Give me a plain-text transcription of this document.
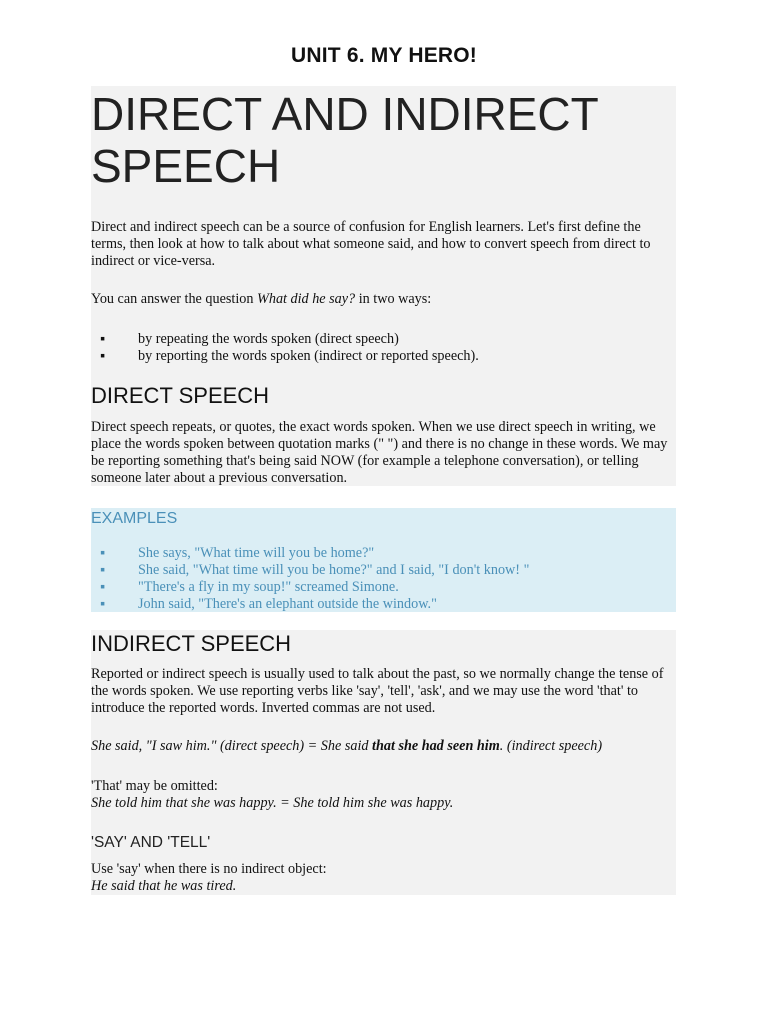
UNIT 6. MY HERO!
DIRECT AND INDIRECT
SPEECH

Direct and indirect speech can be a source of confusion for English learners. Let's first define the terms, then look at how to talk about what someone said, and how to convert speech from direct to indirect or vice-versa.

You can answer the question What did he say? in two ways:

▪ by repeating the words spoken (direct speech)
▪ by reporting the words spoken (indirect or reported speech).
DIRECT SPEECH

Direct speech repeats, or quotes, the exact words spoken. When we use direct speech in writing, we place the words spoken between quotation marks (" ") and there is no change in these words. We may be reporting something that's being said NOW (for example a telephone conversation), or telling someone later about a previous conversation.

EXAMPLES
▪ She says, "What time will you be home?"
▪ She said, "What time will you be home?" and I said, "I don't know! "
▪ "There's a fly in my soup!" screamed Simone.
▪ John said, "There's an elephant outside the window."
INDIRECT SPEECH

Reported or indirect speech is usually used to talk about the past, so we normally change the tense of the words spoken. We use reporting verbs like 'say', 'tell', 'ask', and we may use the word 'that' to introduce the reported words. Inverted commas are not used.

She said, "I saw him." (direct speech) = She said that she had seen him. (indirect speech)

'That' may be omitted:

She told him that she was happy. = She told him she was happy.

'SAY' AND 'TELL'

Use 'say' when there is no indirect object:

He said that he was tired.
